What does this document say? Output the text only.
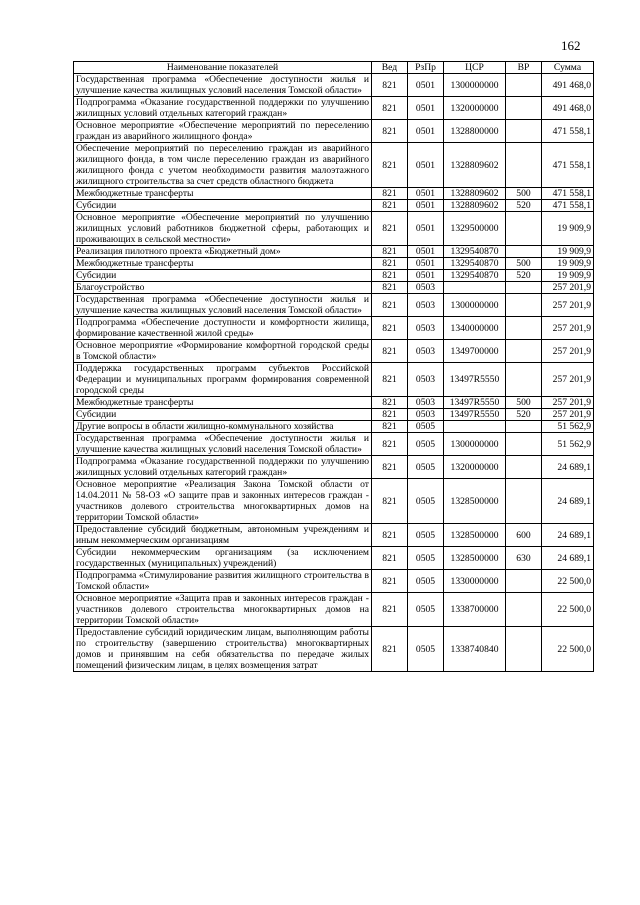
162
Наименование показателей	Вед	РзПр	ЦСР	ВР	Сумма
Государственная программа «Обеспечение доступности жилья и улучшение качества жилищных условий населения Томской области»	821	0501	1300000000		491 468,0
Подпрограмма «Оказание государственной поддержки по улучшению жилищных условий отдельных категорий граждан»	821	0501	1320000000		491 468,0
Основное мероприятие «Обеспечение мероприятий по переселению граждан из аварийного жилищного фонда»	821	0501	1328800000		471 558,1
Обеспечение мероприятий по переселению граждан из аварийного жилищного фонда, в том числе переселению граждан из аварийного жилищного фонда с учетом необходимости развития малоэтажного жилищного строительства за счет средств областного бюджета	821	0501	1328809602		471 558,1
Межбюджетные трансферты	821	0501	1328809602	500	471 558,1
Субсидии	821	0501	1328809602	520	471 558,1
Основное мероприятие «Обеспечение мероприятий по улучшению жилищных условий работников бюджетной сферы, работающих и проживающих в сельской местности»	821	0501	1329500000		19 909,9
Реализация пилотного проекта «Бюджетный дом»	821	0501	1329540870		19 909,9
Межбюджетные трансферты	821	0501	1329540870	500	19 909,9
Субсидии	821	0501	1329540870	520	19 909,9
Благоустройство	821	0503			257 201,9
Государственная программа «Обеспечение доступности жилья и улучшение качества жилищных условий населения Томской области»	821	0503	1300000000		257 201,9
Подпрограмма «Обеспечение доступности и комфортности жилища, формирование качественной жилой среды»	821	0503	1340000000		257 201,9
Основное мероприятие «Формирование комфортной городской среды в Томской области»	821	0503	1349700000		257 201,9
Поддержка государственных программ субъектов Российской Федерации и муниципальных программ формирования современной городской среды	821	0503	13497R5550		257 201,9
Межбюджетные трансферты	821	0503	13497R5550	500	257 201,9
Субсидии	821	0503	13497R5550	520	257 201,9
Другие вопросы в области жилищно-коммунального хозяйства	821	0505			51 562,9
Государственная программа «Обеспечение доступности жилья и улучшение качества жилищных условий населения Томской области»	821	0505	1300000000		51 562,9
Подпрограмма «Оказание государственной поддержки по улучшению жилищных условий отдельных категорий граждан»	821	0505	1320000000		24 689,1
Основное мероприятие «Реализация Закона Томской области от 14.04.2011 № 58-ОЗ «О защите прав и законных интересов граждан - участников долевого строительства многоквартирных домов на территории Томской области»	821	0505	1328500000		24 689,1
Предоставление субсидий бюджетным, автономным учреждениям и иным некоммерческим организациям	821	0505	1328500000	600	24 689,1
Субсидии некоммерческим организациям (за исключением государственных (муниципальных) учреждений)	821	0505	1328500000	630	24 689,1
Подпрограмма «Стимулирование развития жилищного строительства в Томской области»	821	0505	1330000000		22 500,0
Основное мероприятие «Защита прав и законных интересов граждан - участников долевого строительства многоквартирных домов на территории Томской области»	821	0505	1338700000		22 500,0
Предоставление субсидий юридическим лицам, выполняющим работы по строительству (завершению строительства) многоквартирных домов и принявшим на себя обязательства по передаче жилых помещений физическим лицам, в целях возмещения затрат	821	0505	1338740840		22 500,0
